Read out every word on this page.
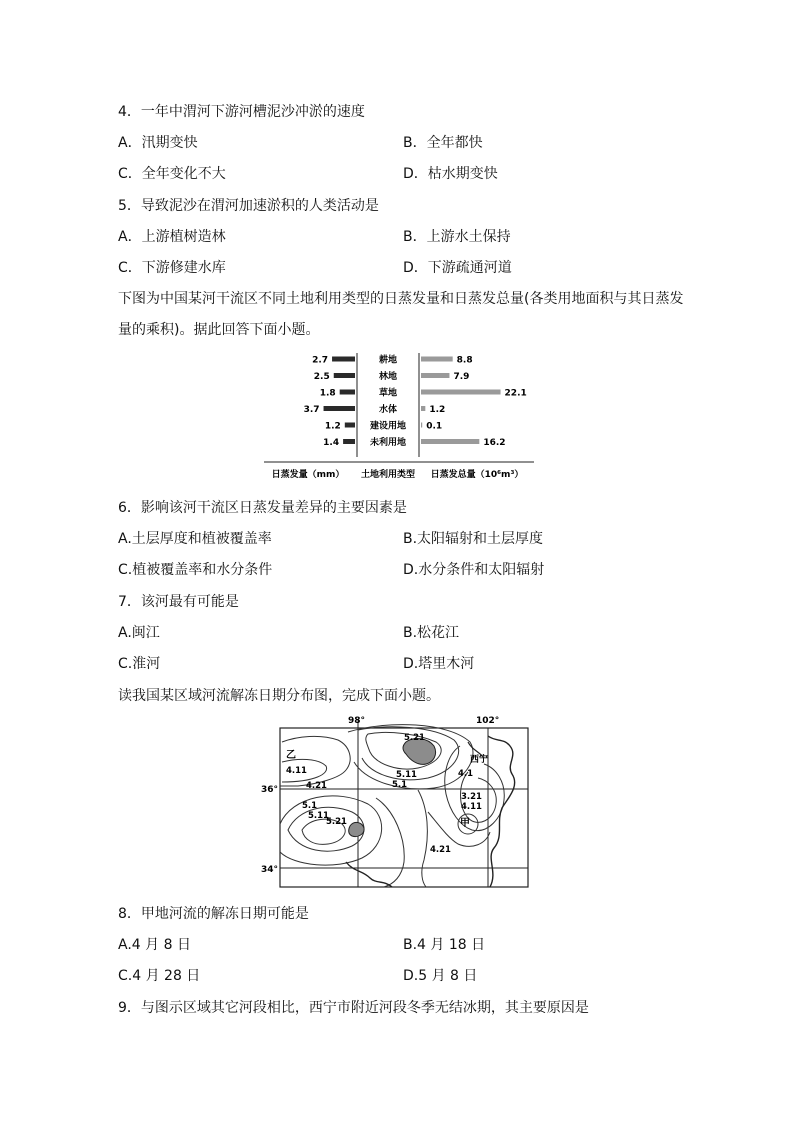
4．一年中渭河下游河槽泥沙冲淤的速度
A．汛期变快	B．全年都快
C．全年变化不大	D．枯水期变快
5．导致泥沙在渭河加速淤积的人类活动是
A．上游植树造林	B．上游水土保持
C．下游修建水库	D．下游疏通河道
下图为中国某河干流区不同土地利用类型的日蒸发量和日蒸发总量(各类用地面积与其日蒸发量的乘积)。据此回答下面小题。
2.7	耕地	8.8
2.5	林地	7.9
1.8	草地	22.1
3.7	水体	1.2
1.2	建设用地 0.1
1.4	未利用地	16.2
日蒸发量（mm） 土地利用类型 日蒸发总量（10⁶m³）
6．影响该河干流区日蒸发量差异的主要因素是
A.土层厚度和植被覆盖率	B.太阳辐射和土层厚度
C.植被覆盖率和水分条件	D.水分条件和太阳辐射
7．该河最有可能是
A.闽江	B.松花江
C.淮河	D.塔里木河
读我国某区域河流解冻日期分布图，完成下面小题。
98°	102°
36°
34°
乙	西宁
甲
5.21
4.11
4.21
5.11
5.1
4.1
3.21
4.11
5.1
5.11
5.21
4.21
8．甲地河流的解冻日期可能是
A.4 月 8 日	B.4 月 18 日
C.4 月 28 日	D.5 月 8 日
9．与图示区域其它河段相比，西宁市附近河段冬季无结冰期，其主要原因是
